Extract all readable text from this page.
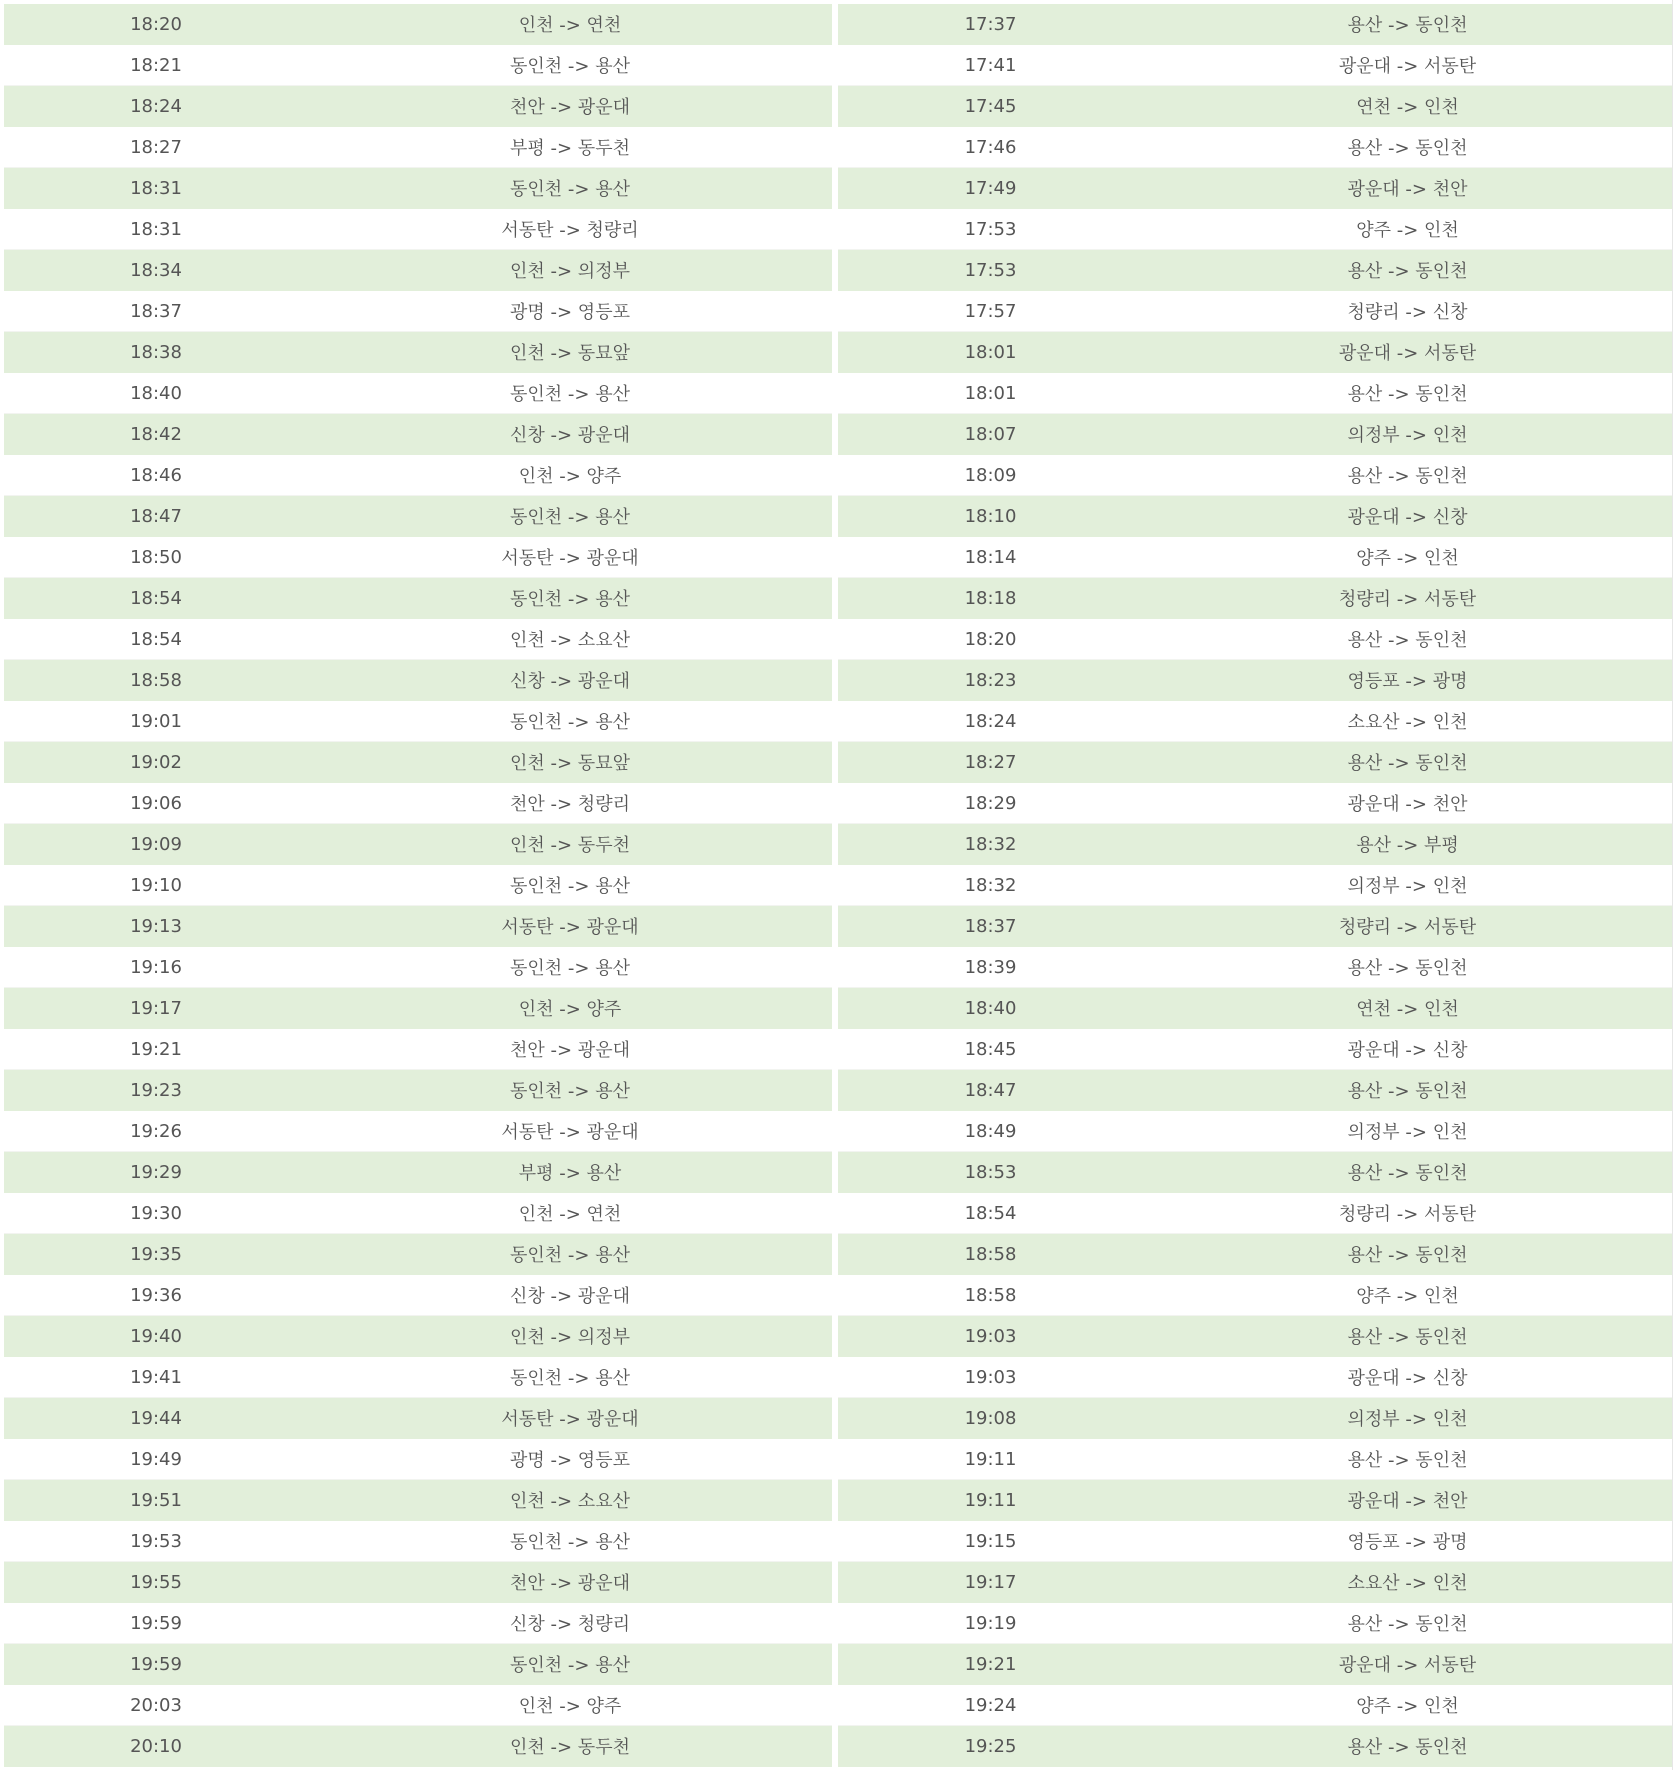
18:20	인천 -> 연천
18:21	동인천 -> 용산
18:24	천안 -> 광운대
18:27	부평 -> 동두천
18:31	동인천 -> 용산
18:31	서동탄 -> 청량리
18:34	인천 -> 의정부
18:37	광명 -> 영등포
18:38	인천 -> 동묘앞
18:40	동인천 -> 용산
18:42	신창 -> 광운대
18:46	인천 -> 양주
18:47	동인천 -> 용산
18:50	서동탄 -> 광운대
18:54	동인천 -> 용산
18:54	인천 -> 소요산
18:58	신창 -> 광운대
19:01	동인천 -> 용산
19:02	인천 -> 동묘앞
19:06	천안 -> 청량리
19:09	인천 -> 동두천
19:10	동인천 -> 용산
19:13	서동탄 -> 광운대
19:16	동인천 -> 용산
19:17	인천 -> 양주
19:21	천안 -> 광운대
19:23	동인천 -> 용산
19:26	서동탄 -> 광운대
19:29	부평 -> 용산
19:30	인천 -> 연천
19:35	동인천 -> 용산
19:36	신창 -> 광운대
19:40	인천 -> 의정부
19:41	동인천 -> 용산
19:44	서동탄 -> 광운대
19:49	광명 -> 영등포
19:51	인천 -> 소요산
19:53	동인천 -> 용산
19:55	천안 -> 광운대
19:59	신창 -> 청량리
19:59	동인천 -> 용산
20:03	인천 -> 양주
20:10	인천 -> 동두천
17:37	용산 -> 동인천
17:41	광운대 -> 서동탄
17:45	연천 -> 인천
17:46	용산 -> 동인천
17:49	광운대 -> 천안
17:53	양주 -> 인천
17:53	용산 -> 동인천
17:57	청량리 -> 신창
18:01	광운대 -> 서동탄
18:01	용산 -> 동인천
18:07	의정부 -> 인천
18:09	용산 -> 동인천
18:10	광운대 -> 신창
18:14	양주 -> 인천
18:18	청량리 -> 서동탄
18:20	용산 -> 동인천
18:23	영등포 -> 광명
18:24	소요산 -> 인천
18:27	용산 -> 동인천
18:29	광운대 -> 천안
18:32	용산 -> 부평
18:32	의정부 -> 인천
18:37	청량리 -> 서동탄
18:39	용산 -> 동인천
18:40	연천 -> 인천
18:45	광운대 -> 신창
18:47	용산 -> 동인천
18:49	의정부 -> 인천
18:53	용산 -> 동인천
18:54	청량리 -> 서동탄
18:58	용산 -> 동인천
18:58	양주 -> 인천
19:03	용산 -> 동인천
19:03	광운대 -> 신창
19:08	의정부 -> 인천
19:11	용산 -> 동인천
19:11	광운대 -> 천안
19:15	영등포 -> 광명
19:17	소요산 -> 인천
19:19	용산 -> 동인천
19:21	광운대 -> 서동탄
19:24	양주 -> 인천
19:25	용산 -> 동인천
